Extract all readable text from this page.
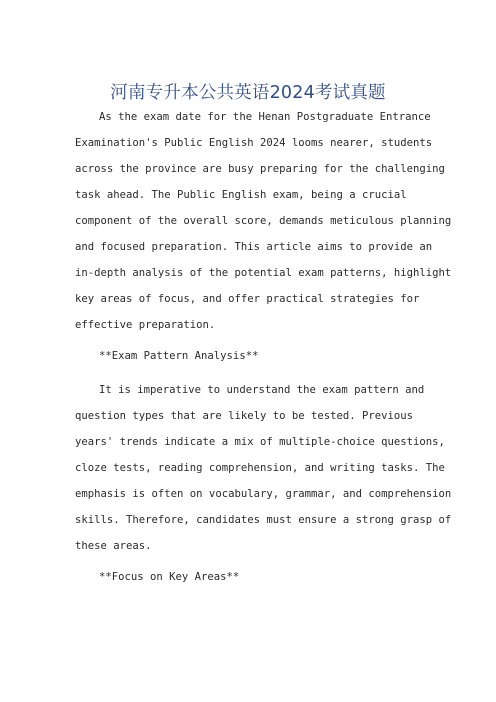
河南专升本公共英语2024考试真题
As the exam date for the Henan Postgraduate Entrance
Examination's Public English 2024 looms nearer, students
across the province are busy preparing for the challenging
task ahead. The Public English exam, being a crucial
component of the overall score, demands meticulous planning
and focused preparation. This article aims to provide an
in-depth analysis of the potential exam patterns, highlight
key areas of focus, and offer practical strategies for
effective preparation.
**Exam Pattern Analysis**
It is imperative to understand the exam pattern and
question types that are likely to be tested. Previous
years' trends indicate a mix of multiple-choice questions,
cloze tests, reading comprehension, and writing tasks. The
emphasis is often on vocabulary, grammar, and comprehension
skills. Therefore, candidates must ensure a strong grasp of
these areas.
**Focus on Key Areas**
